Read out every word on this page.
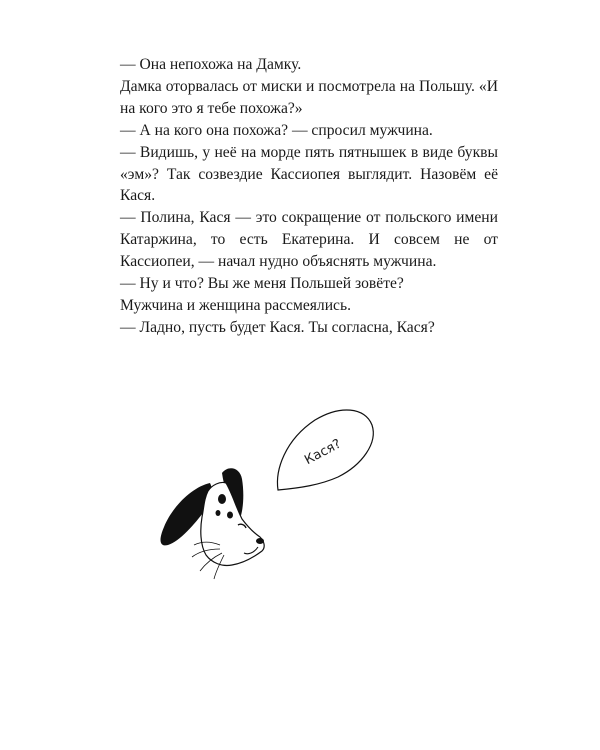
— Она непохожа на Дамку.

Дамка оторвалась от миски и посмотрела на Польшу. «И на кого это я тебе похожа?»

— А на кого она похожа? — спросил мужчина.

— Видишь, у неё на морде пять пятнышек в виде буквы «эм»? Так созвездие Кассиопея выглядит. Назовём её Кася.

— Полина, Кася — это сокращение от польского имени Катаржина, то есть Екатерина. И совсем не от Кассиопеи, — начал нудно объяснять мужчина.

— Ну и что? Вы же меня Польшей зовёте?

Мужчина и женщина рассмеялись.

— Ладно, пусть будет Кася. Ты согласна, Кася?

Кася?
